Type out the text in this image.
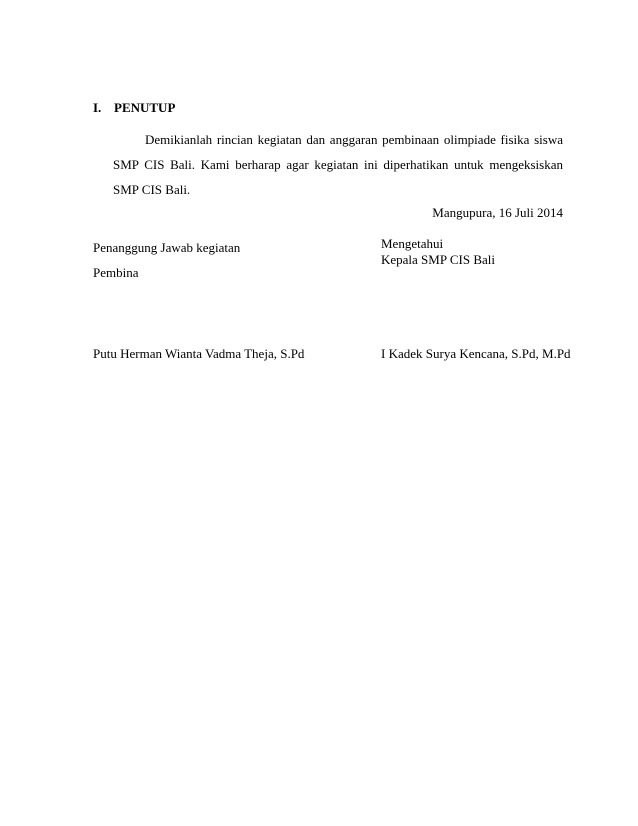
I. PENUTUP
Demikianlah rincian kegiatan dan anggaran pembinaan olimpiade fisika siswa SMP CIS Bali. Kami berharap agar kegiatan ini diperhatikan untuk mengeksiskan SMP CIS Bali.
Mangupura, 16 Juli 2014
Penanggung Jawab kegiatan
Pembina
Putu Herman Wianta Vadma Theja, S.Pd
Mengetahui
Kepala SMP CIS Bali
I Kadek Surya Kencana, S.Pd, M.Pd
